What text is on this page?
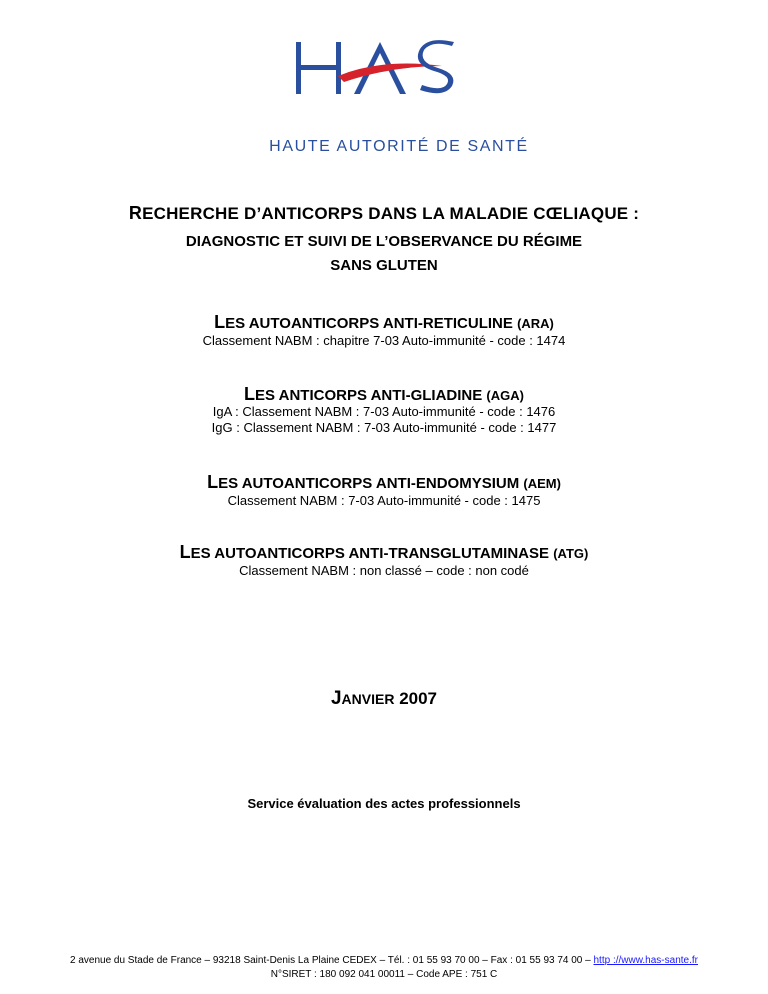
HAUTE AUTORITÉ DE SANTÉ
RECHERCHE D’ANTICORPS DANS LA MALADIE CŒLIAQUE :
DIAGNOSTIC ET SUIVI DE L’OBSERVANCE DU RÉGIME
SANS GLUTEN
LES AUTOANTICORPS ANTI-RETICULINE (ARA)
Classement NABM : chapitre 7-03 Auto-immunité - code : 1474
LES ANTICORPS ANTI-GLIADINE (AGA)
IgA : Classement NABM : 7-03 Auto-immunité - code : 1476
IgG : Classement NABM : 7-03 Auto-immunité - code : 1477
LES AUTOANTICORPS ANTI-ENDOMYSIUM (AEM)
Classement NABM : 7-03 Auto-immunité - code : 1475
LES AUTOANTICORPS ANTI-TRANSGLUTAMINASE (ATG)
Classement NABM : non classé – code : non codé
JANVIER 2007
Service évaluation des actes professionnels
2 avenue du Stade de France – 93218 Saint-Denis La Plaine CEDEX – Tél. : 01 55 93 70 00 – Fax : 01 55 93 74 00 – http ://www.has-sante.fr
N°SIRET : 180 092 041 00011 – Code APE : 751 C
